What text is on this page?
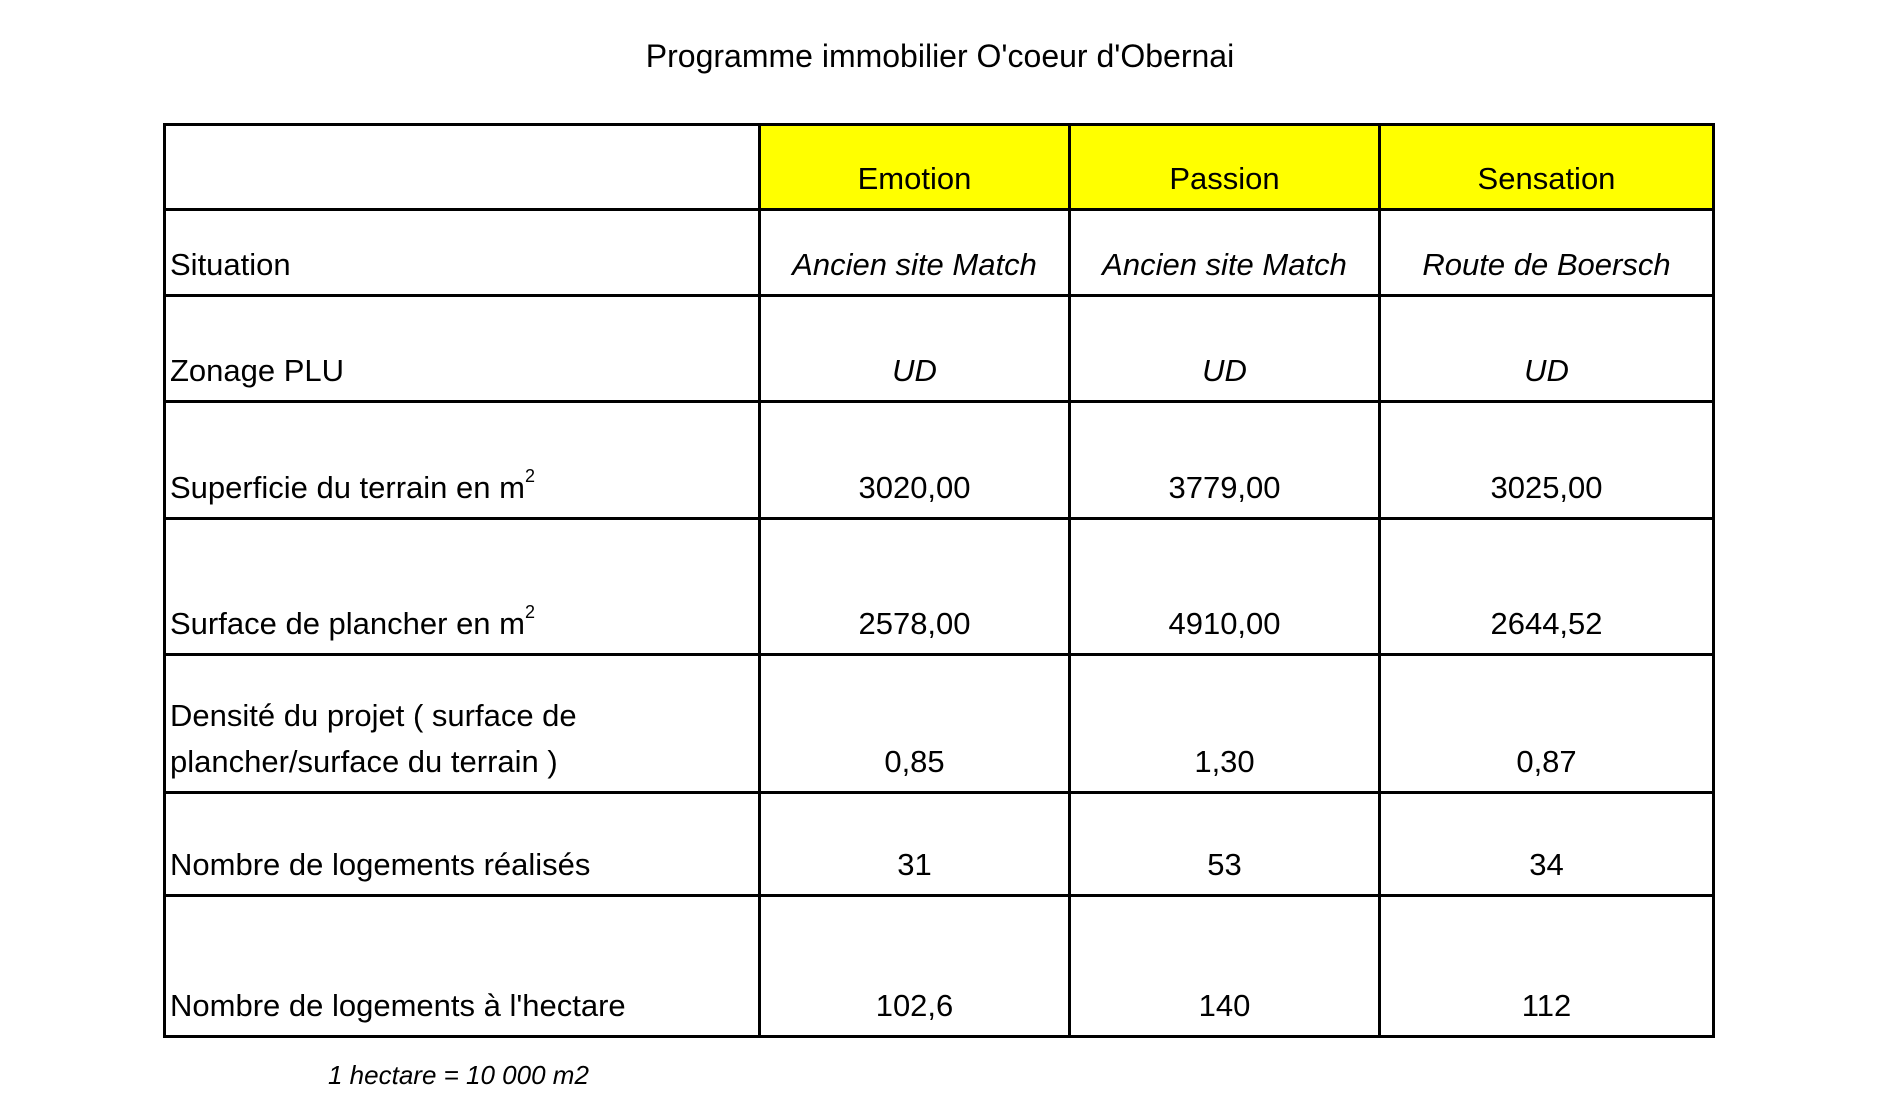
Programme immobilier O'coeur d'Obernai
	Emotion	Passion	Sensation
Situation	Ancien site Match	Ancien site Match	Route de Boersch
Zonage PLU	UD	UD	UD
Superficie du terrain en $m^2$	3020,00	3779,00	3025,00
Surface de plancher en $m^2$	2578,00	4910,00	2644,52

Densité du projet ( surface de
plancher/surface du terrain )	0,85	1,30	0,87
Nombre de logements réalisés	31	53	34
Nombre de logements à l'hectare	102,6	140	112
1 hectare = 10 000 m2
